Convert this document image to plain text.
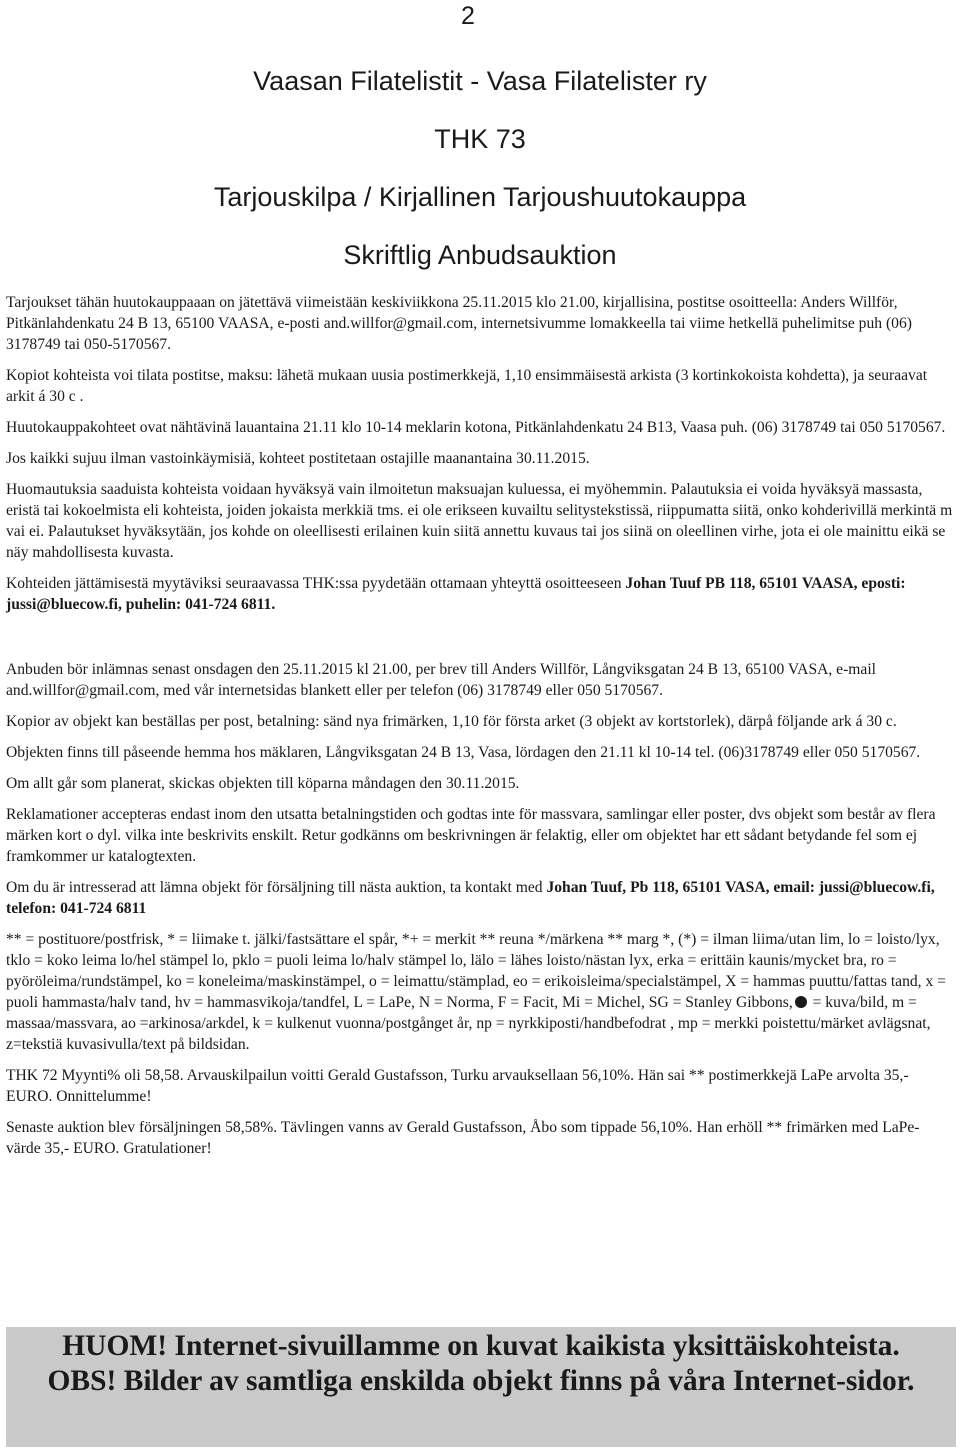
2
Vaasan Filatelistit - Vasa Filatelister ry
THK 73
Tarjouskilpa / Kirjallinen Tarjoushuutokauppa
Skriftlig Anbudsauktion

Tarjoukset tähän huutokauppaaan on jätettävä viimeistään keskiviikkona 25.11.2015 klo 21.00, kirjallisina, postitse osoitteella: Anders Willför, Pitkänlahdenkatu 24 B 13, 65100 VAASA, e-posti and.willfor@gmail.com, internetsivumme lomakkeella tai viime hetkellä puhelimitse puh (06) 3178749 tai 050-5170567.

Kopiot kohteista voi tilata postitse, maksu: lähetä mukaan uusia postimerkkejä, 1,10 ensimmäisestä arkista (3 kortinkokoista kohdetta), ja seuraavat arkit á 30 c .

Huutokauppakohteet ovat nähtävinä lauantaina 21.11 klo 10-14 meklarin kotona, Pitkänlahdenkatu 24 B13, Vaasa puh. (06) 3178749 tai 050 5170567.

Jos kaikki sujuu ilman vastoinkäymisiä, kohteet postitetaan ostajille maanantaina 30.11.2015.

Huomautuksia saaduista kohteista voidaan hyväksyä vain ilmoitetun maksuajan kuluessa, ei myöhemmin. Palautuksia ei voida hyväksyä massasta, eristä tai kokoelmista eli kohteista, joiden jokaista merkkiä tms. ei ole erikseen kuvailtu selitystekstissä, riippumatta siitä, onko kohderivillä merkintä m vai ei. Palautukset hyväksytään, jos kohde on oleellisesti erilainen kuin siitä annettu kuvaus tai jos siinä on oleellinen virhe, jota ei ole mainittu eikä se näy mahdollisesta kuvasta.

Kohteiden jättämisestä myytäviksi seuraavassa THK:ssa pyydetään ottamaan yhteyttä osoitteeseen Johan Tuuf PB 118, 65101 VAASA, eposti: jussi@bluecow.fi, puhelin: 041-724 6811.

Anbuden bör inlämnas senast onsdagen den 25.11.2015 kl 21.00, per brev till Anders Willför, Långviksgatan 24 B 13, 65100 VASA, e-mail and.willfor@gmail.com, med vår internetsidas blankett eller per telefon (06) 3178749 eller 050 5170567.

Kopior av objekt kan beställas per post, betalning: sänd nya frimärken, 1,10 för första arket (3 objekt av kortstorlek), därpå följande ark á 30 c.

Objekten finns till påseende hemma hos mäklaren, Långviksgatan 24 B 13, Vasa, lördagen den 21.11 kl 10-14 tel. (06)3178749 eller 050 5170567.

Om allt går som planerat, skickas objekten till köparna måndagen den 30.11.2015.

Reklamationer accepteras endast inom den utsatta betalningstiden och godtas inte för massvara, samlingar eller poster, dvs objekt som består av flera märken kort o dyl. vilka inte beskrivits enskilt. Retur godkänns om beskrivningen är felaktig, eller om objektet har ett sådant betydande fel som ej framkommer ur katalogtexten.

Om du är intresserad att lämna objekt för försäljning till nästa auktion, ta kontakt med Johan Tuuf, Pb 118, 65101 VASA, email: jussi@bluecow.fi, telefon: 041-724 6811

** = postituore/postfrisk, * = liimake t. jälki/fastsättare el spår, *+ = merkit ** reuna */märkena ** marg *, (*) = ilman liima/utan lim, lo = loisto/lyx, tklo = koko leima lo/hel stämpel lo, pklo = puoli leima lo/halv stämpel lo, lälo = lähes loisto/nästan lyx, erka = erittäin kaunis/mycket bra, ro = pyöröleima/rundstämpel, ko = koneleima/maskinstämpel, o = leimattu/stämplad, eo = erikoisleima/specialstämpel, X = hammas puuttu/fattas tand, x = puoli hammasta/halv tand, hv = hammasvikoja/tandfel, L = LaPe, N = Norma, F = Facit, Mi = Michel, SG = Stanley Gibbons, = kuva/bild, m = massaa/massvara, ao =arkinosa/arkdel, k = kulkenut vuonna/postgånget år, np = nyrkkiposti/handbefodrat , mp = merkki poistettu/märket avlägsnat, z=tekstiä kuvasivulla/text på bildsidan.

THK 72 Myynti% oli 58,58. Arvauskilpailun voitti Gerald Gustafsson, Turku arvauksellaan 56,10%. Hän sai ** postimerkkejä LaPe arvolta 35,- EURO. Onnittelumme!

Senaste auktion blev försäljningen 58,58%. Tävlingen vanns av Gerald Gustafsson, Åbo som tippade 56,10%. Han erhöll ** frimärken med LaPe-värde 35,- EURO. Gratulationer!

HUOM! Internet-sivuillamme on kuvat kaikista yksittäiskohteista.
OBS! Bilder av samtliga enskilda objekt finns på våra Internet-sidor.
